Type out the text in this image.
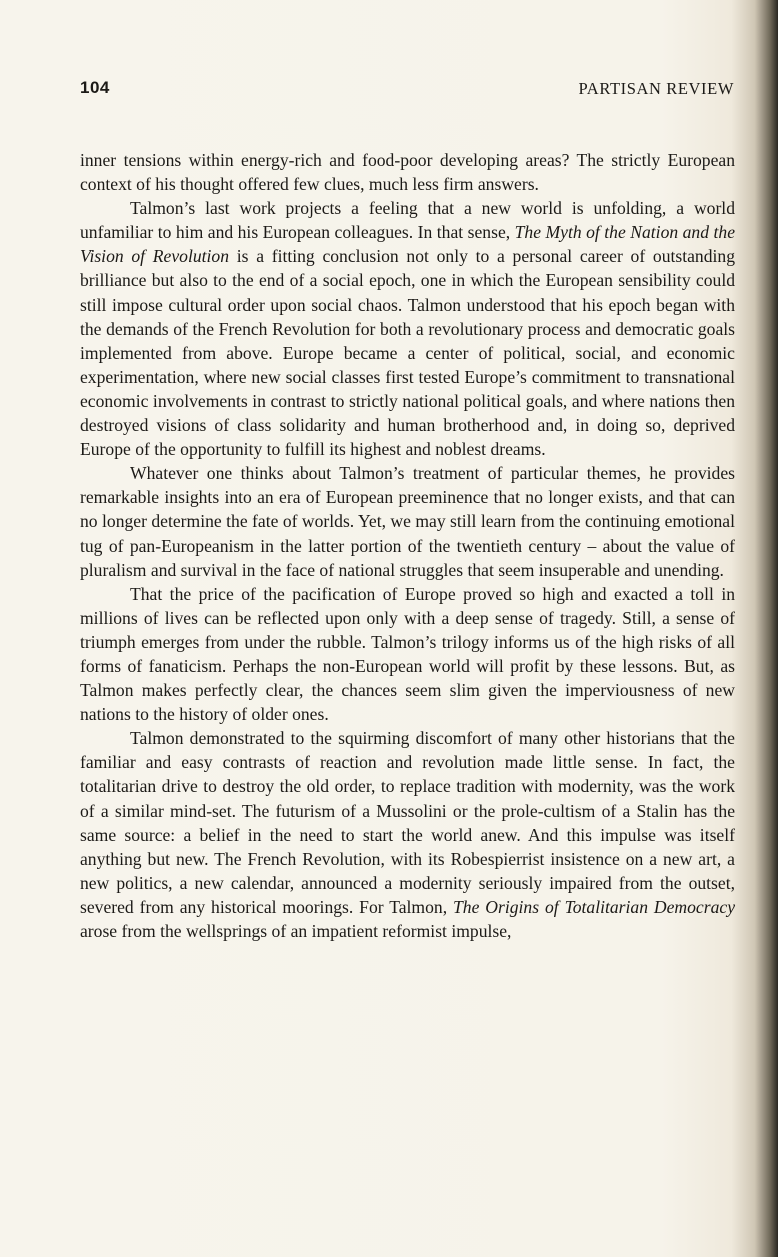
104	PARTISAN REVIEW

inner tensions within energy-rich and food-poor developing areas? The strictly European context of his thought offered few clues, much less firm answers.

Talmon’s last work projects a feeling that a new world is unfolding, a world unfamiliar to him and his European colleagues. In that sense, The Myth of the Nation and the Vision of Revolution is a fitting conclusion not only to a personal career of outstanding brilliance but also to the end of a social epoch, one in which the European sensibility could still impose cultural order upon social chaos. Talmon understood that his epoch began with the demands of the French Revolution for both a revolutionary process and democratic goals implemented from above. Europe became a center of political, social, and economic experimentation, where new social classes first tested Europe’s commitment to transnational economic involvements in contrast to strictly national political goals, and where nations then destroyed visions of class solidarity and human brotherhood and, in doing so, deprived Europe of the opportunity to fulfill its highest and noblest dreams.

Whatever one thinks about Talmon’s treatment of particular themes, he provides remarkable insights into an era of European preeminence that no longer exists, and that can no longer determine the fate of worlds. Yet, we may still learn from the continuing emotional tug of pan-Europeanism in the latter portion of the twentieth century – about the value of pluralism and survival in the face of national struggles that seem insuperable and unending.

That the price of the pacification of Europe proved so high and exacted a toll in millions of lives can be reflected upon only with a deep sense of tragedy. Still, a sense of triumph emerges from under the rubble. Talmon’s trilogy informs us of the high risks of all forms of fanaticism. Perhaps the non-European world will profit by these lessons. But, as Talmon makes perfectly clear, the chances seem slim given the imperviousness of new nations to the history of older ones.

Talmon demonstrated to the squirming discomfort of many other historians that the familiar and easy contrasts of reaction and revolution made little sense. In fact, the totalitarian drive to destroy the old order, to replace tradition with modernity, was the work of a similar mind-set. The futurism of a Mussolini or the prole-cultism of a Stalin has the same source: a belief in the need to start the world anew. And this impulse was itself anything but new. The French Revolution, with its Robespierrist insistence on a new art, a new politics, a new calendar, announced a modernity seriously impaired from the outset, severed from any historical moorings. For Talmon, The Origins of Totalitarian Democracy arose from the wellsprings of an impatient reformist impulse,
